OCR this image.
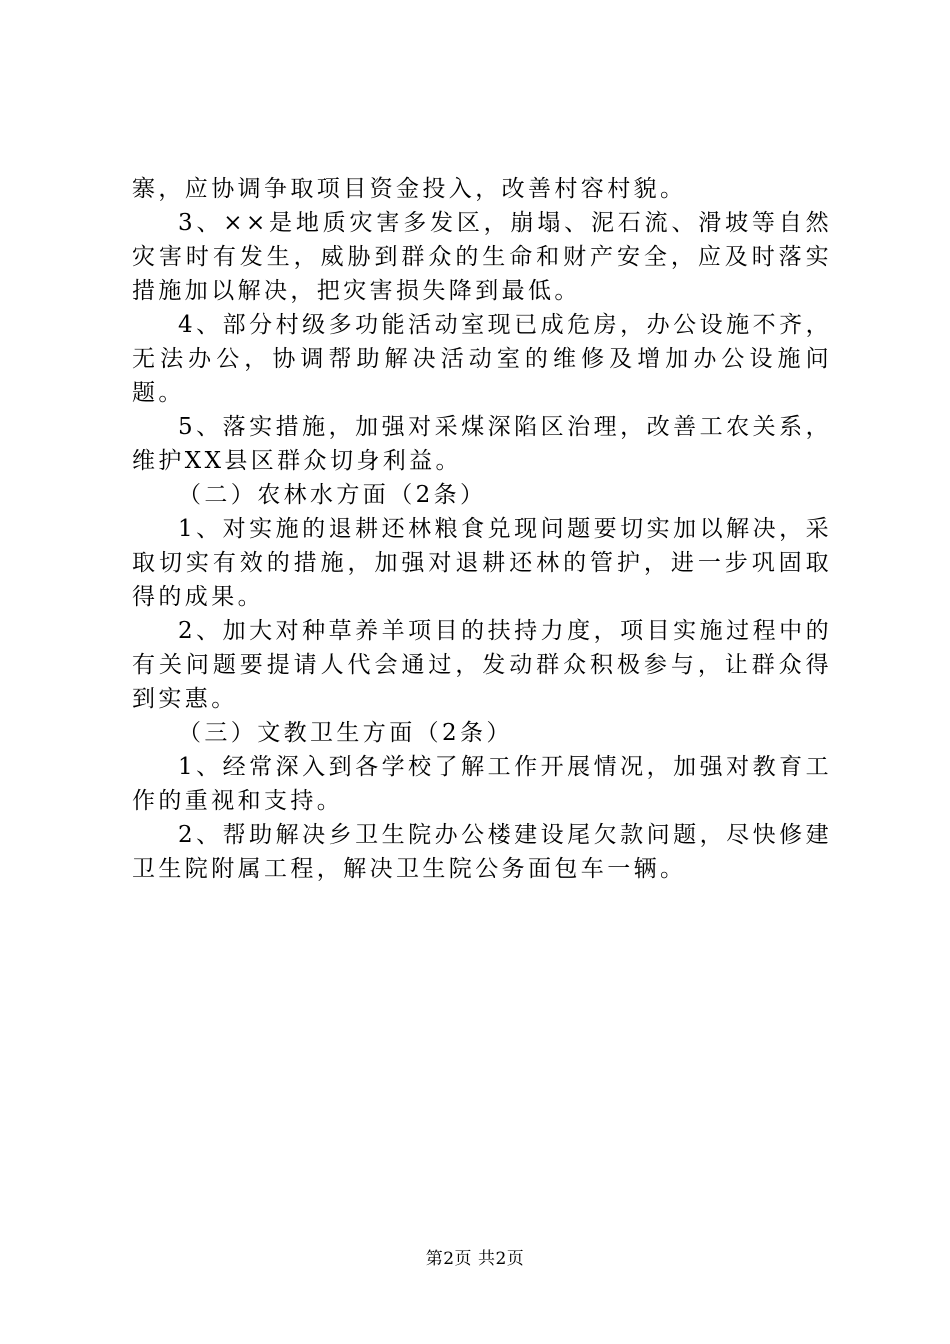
寨，应协调争取项目资金投入，改善村容村貌。

3、××是地质灾害多发区，崩塌、泥石流、滑坡等自然灾害时有发生，威胁到群众的生命和财产安全，应及时落实措施加以解决，把灾害损失降到最低。

4、部分村级多功能活动室现已成危房，办公设施不齐，无法办公，协调帮助解决活动室的维修及增加办公设施问题。

5、落实措施，加强对采煤深陷区治理，改善工农关系，维护XX县区群众切身利益。

（二）农林水方面（2条）

1、对实施的退耕还林粮食兑现问题要切实加以解决，采取切实有效的措施，加强对退耕还林的管护，进一步巩固取得的成果。

2、加大对种草养羊项目的扶持力度，项目实施过程中的有关问题要提请人代会通过，发动群众积极参与，让群众得到实惠。

（三）文教卫生方面（2条）

1、经常深入到各学校了解工作开展情况，加强对教育工作的重视和支持。

2、帮助解决乡卫生院办公楼建设尾欠款问题，尽快修建卫生院附属工程，解决卫生院公务面包车一辆。

第2页 共2页
